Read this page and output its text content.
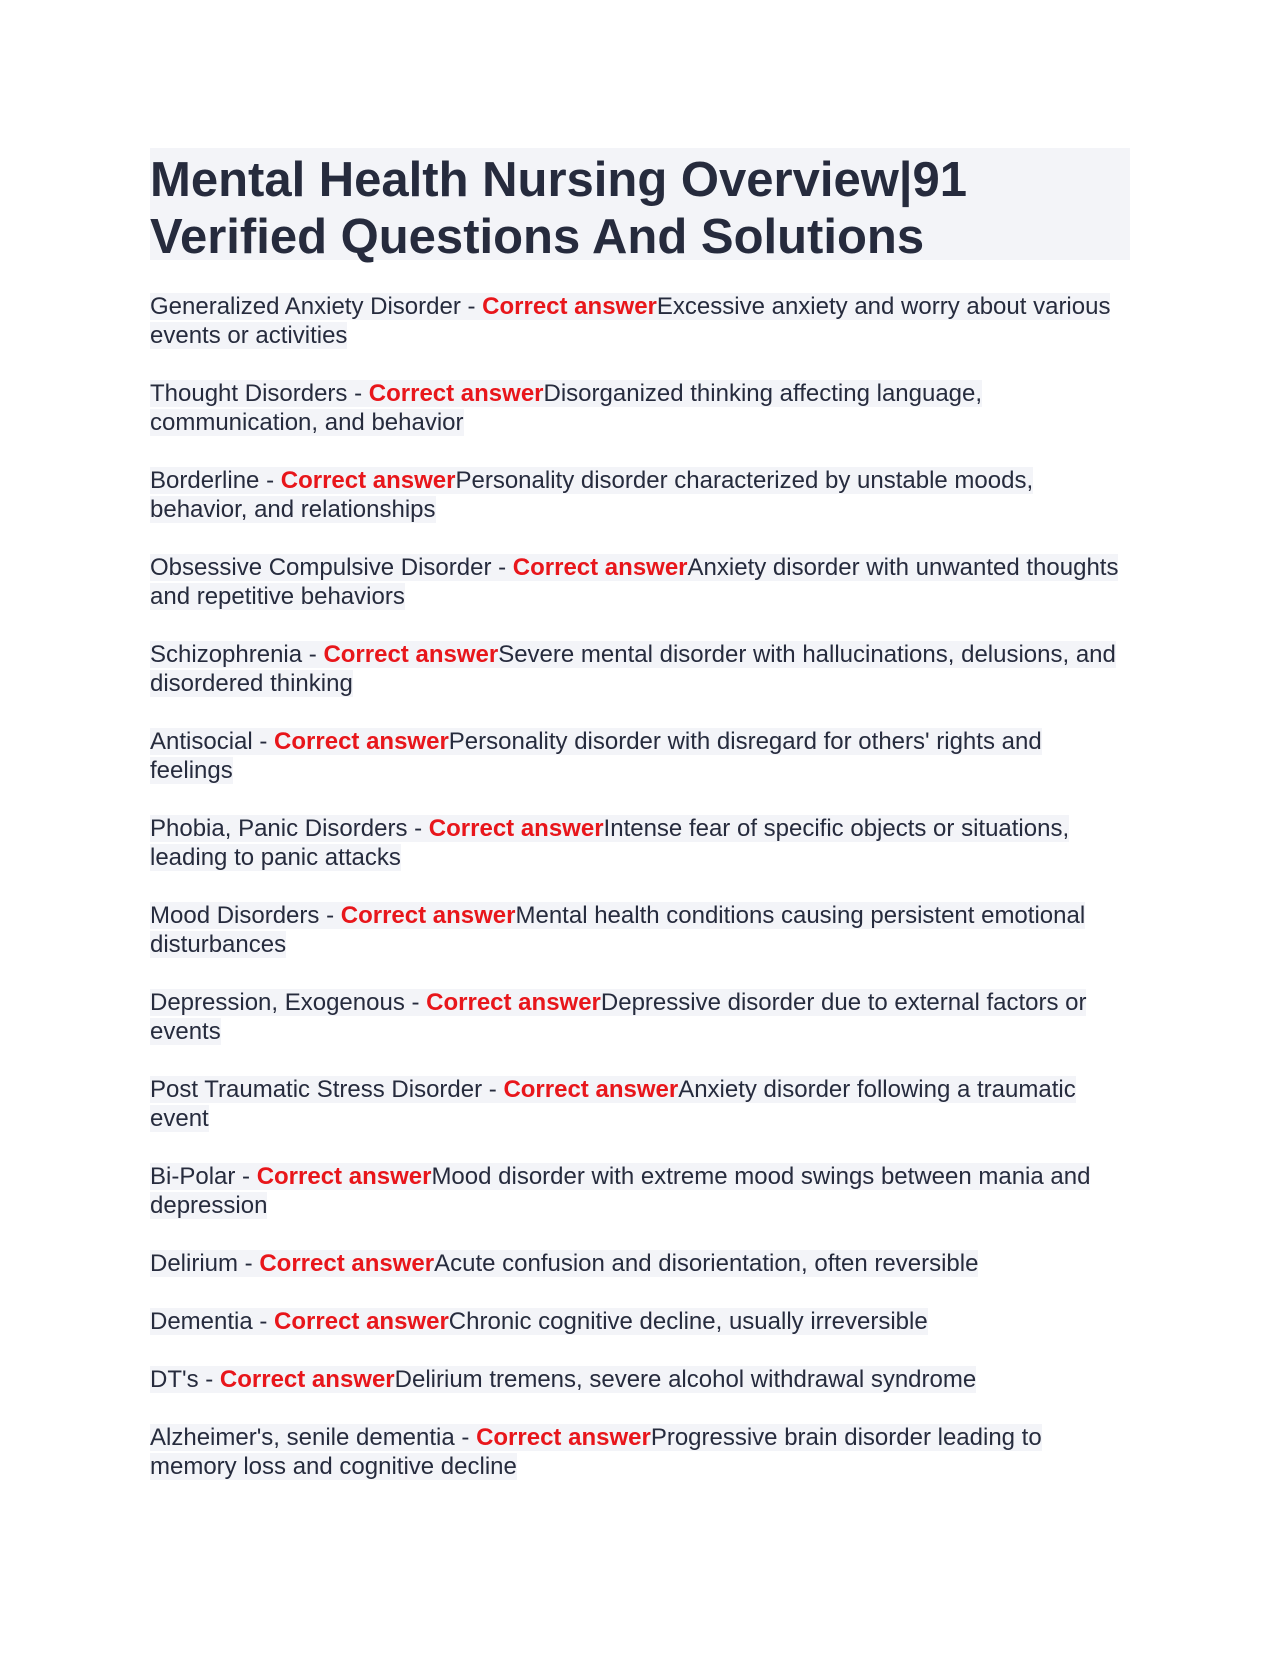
Mental Health Nursing Overview|91 Verified Questions And Solutions

Generalized Anxiety Disorder - Correct answerExcessive anxiety and worry about various events or activities

Thought Disorders - Correct answerDisorganized thinking affecting language, communication, and behavior

Borderline - Correct answerPersonality disorder characterized by unstable moods, behavior, and relationships

Obsessive Compulsive Disorder - Correct answerAnxiety disorder with unwanted thoughts and repetitive behaviors

Schizophrenia - Correct answerSevere mental disorder with hallucinations, delusions, and disordered thinking

Antisocial - Correct answerPersonality disorder with disregard for others' rights and feelings

Phobia, Panic Disorders - Correct answerIntense fear of specific objects or situations, leading to panic attacks

Mood Disorders - Correct answerMental health conditions causing persistent emotional disturbances

Depression, Exogenous - Correct answerDepressive disorder due to external factors or events

Post Traumatic Stress Disorder - Correct answerAnxiety disorder following a traumatic event

Bi-Polar - Correct answerMood disorder with extreme mood swings between mania and depression

Delirium - Correct answerAcute confusion and disorientation, often reversible

Dementia - Correct answerChronic cognitive decline, usually irreversible

DT's - Correct answerDelirium tremens, severe alcohol withdrawal syndrome

Alzheimer's, senile dementia - Correct answerProgressive brain disorder leading to memory loss and cognitive decline
